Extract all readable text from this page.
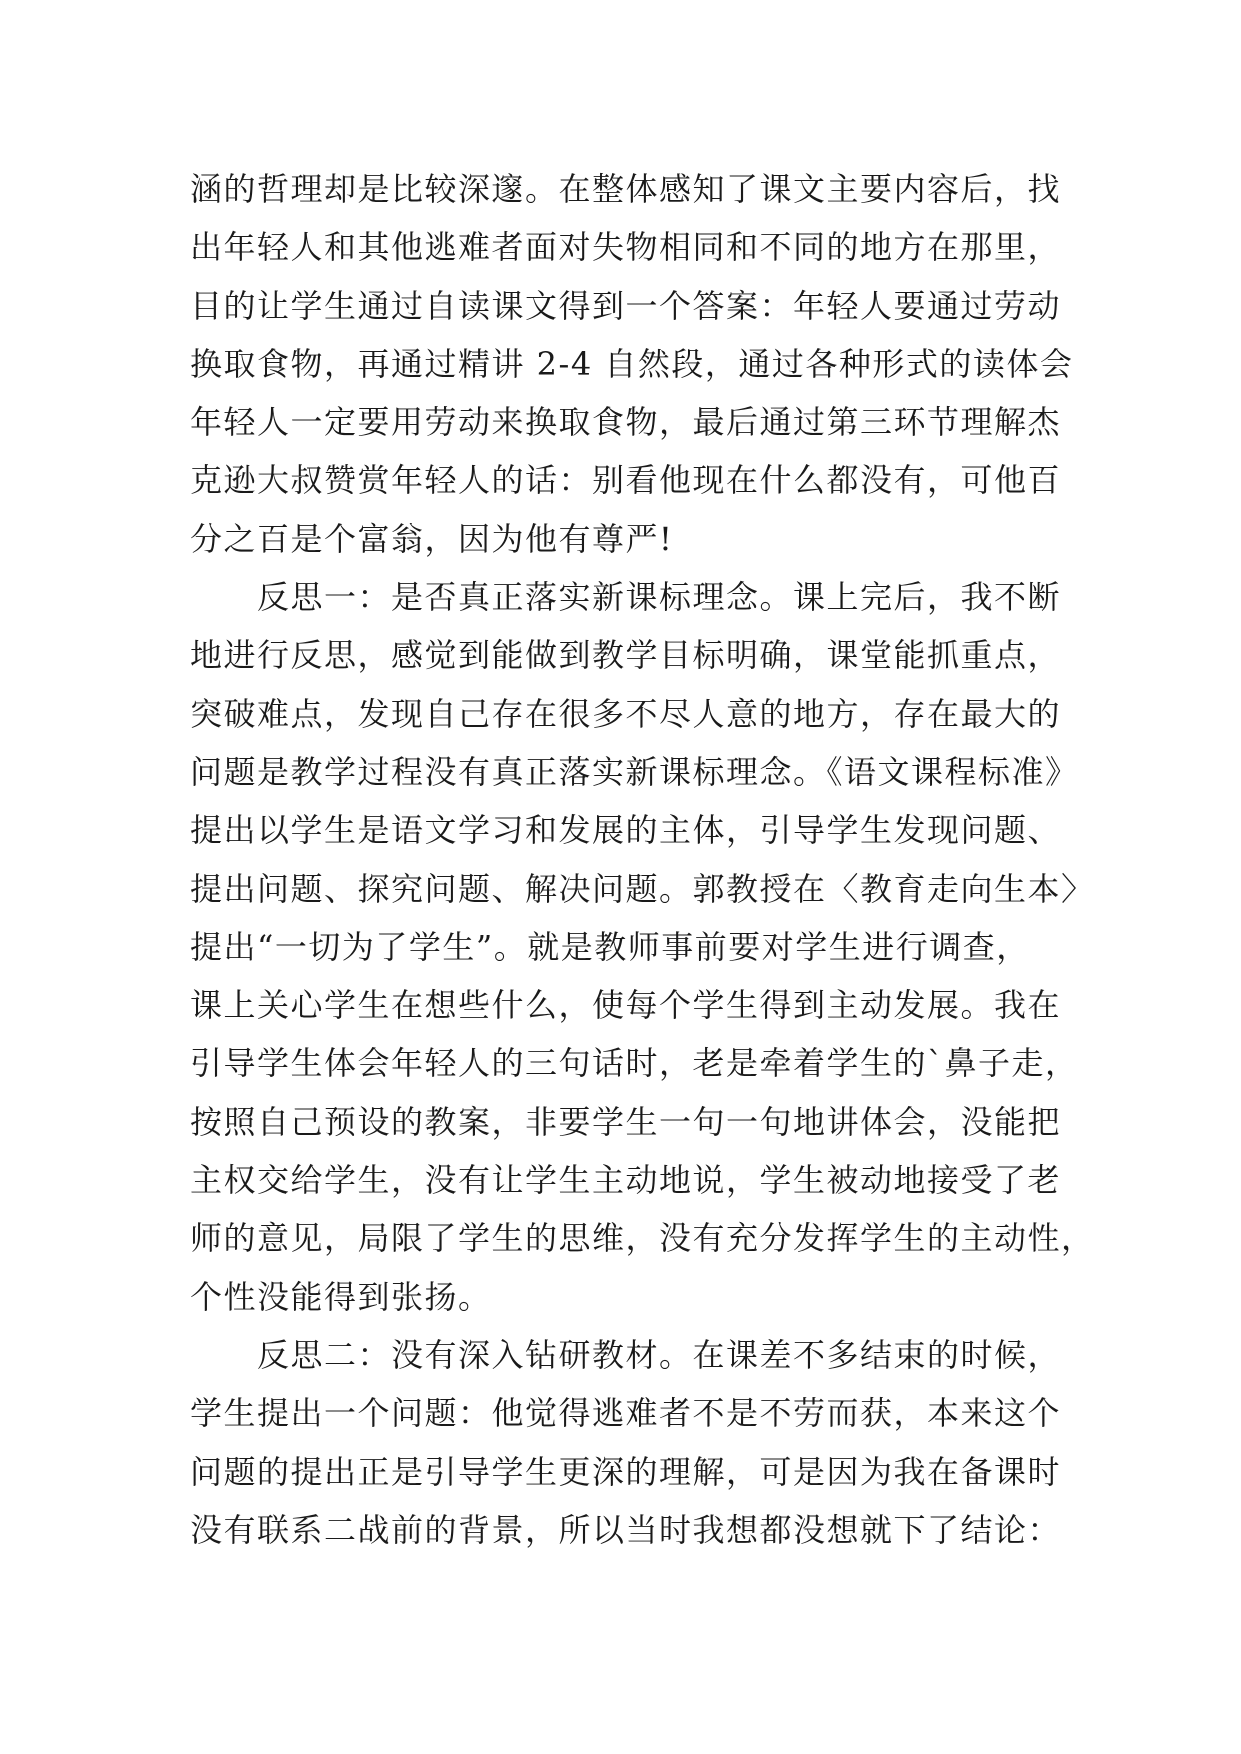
涵的哲理却是比较深邃。在整体感知了课文主要内容后，找
出年轻人和其他逃难者面对失物相同和不同的地方在那里，
目的让学生通过自读课文得到一个答案：年轻人要通过劳动
换取食物，再通过精讲 2-4 自然段，通过各种形式的读体会
年轻人一定要用劳动来换取食物，最后通过第三环节理解杰
克逊大叔赞赏年轻人的话：别看他现在什么都没有，可他百
分之百是个富翁，因为他有尊严!
　　反思一：是否真正落实新课标理念。课上完后，我不断
地进行反思，感觉到能做到教学目标明确，课堂能抓重点，
突破难点，发现自己存在很多不尽人意的地方，存在最大的
问题是教学过程没有真正落实新课标理念。《语文课程标准》
提出以学生是语文学习和发展的主体，引导学生发现问题、
提出问题、探究问题、解决问题。郭教授在〈教育走向生本〉
提出“一切为了学生”。就是教师事前要对学生进行调查，
课上关心学生在想些什么，使每个学生得到主动发展。我在
引导学生体会年轻人的三句话时，老是牵着学生的`鼻子走，
按照自己预设的教案，非要学生一句一句地讲体会，没能把
主权交给学生，没有让学生主动地说，学生被动地接受了老
师的意见，局限了学生的思维，没有充分发挥学生的主动性，
个性没能得到张扬。
　　反思二：没有深入钻研教材。在课差不多结束的时候，
学生提出一个问题：他觉得逃难者不是不劳而获，本来这个
问题的提出正是引导学生更深的理解，可是因为我在备课时
没有联系二战前的背景，所以当时我想都没想就下了结论：
